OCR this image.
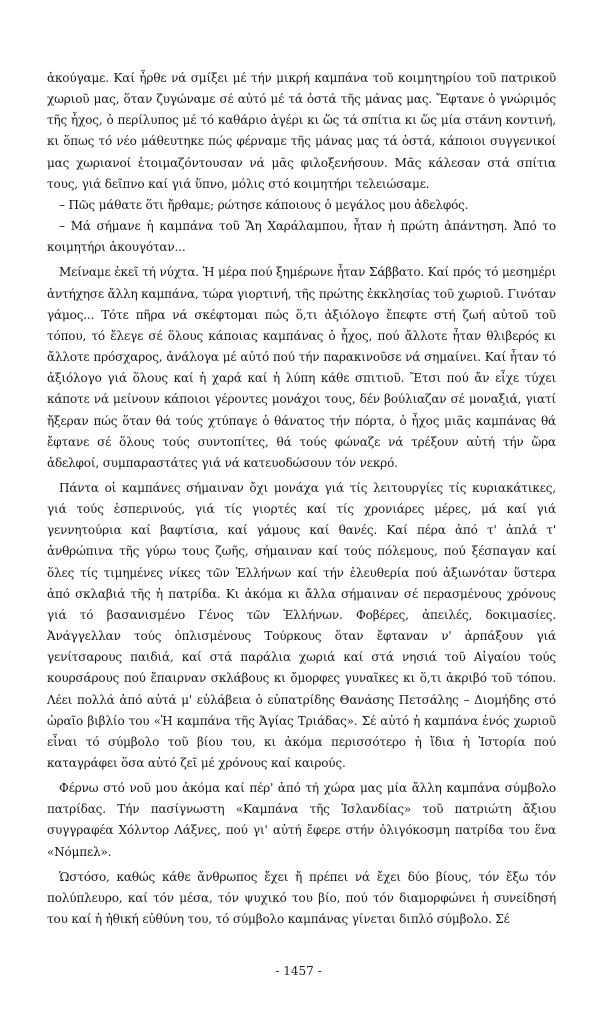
ἀκούγαμε. Καί ἦρθε νά σμίξει μέ τήν μικρή καμπάνα τοῦ κοιμητηρίου τοῦ πατρικοῦ χωριοῦ μας, ὅταν ζυγώναμε σέ αὐτό μέ τά ὀστά τῆς μάνας μας. Ἔφτανε ὁ γνώριμός τῆς ἦχος, ὁ περίλυπος μέ τό καθάριο ἀγέρι κι ὥς τά σπίτια κι ὥς μία στάνη κοντινή, κι ὅπως τό νέο μάθευτηκε πώς φέρναμε τῆς μάνας μας τά ὀστά, κάποιοι συγγενικοί μας χωριανοί ἑτοιμαζόντουσαν νά μᾶς φιλοξενήσουν. Μᾶς κάλεσαν στά σπίτια τους, γιά δεῖπνο καί γιά ὕπνο, μόλις στό κοιμητήρι τελειώσαμε.

– Πῶς μάθατε ὅτι ἤρθαμε; ρώτησε κάποιους ὁ μεγάλος μου ἀδελφός.

– Μά σήμανε ἡ καμπάνα τοῦ Ἅη Χαράλαμπου, ἦταν ἡ πρώτη ἀπάντηση. Ἀπό το κοιμητήρι ἀκουγόταν...

Μείναμε ἐκεῖ τή νύχτα. Ἡ μέρα πού ξημέρωνε ἦταν Σάββατο. Καί πρός τό μεσημέρι ἀντήχησε ἄλλη καμπάνα, τώρα γιορτινή, τῆς πρώτης ἐκκλησίας τοῦ χωριοῦ. Γινόταν γάμος... Τότε πῆρα νά σκέφτομαι πώς ὅ,τι ἀξιόλογο ἔπεφτε στή ζωή αὐτοῦ τοῦ τόπου, τό ἔλεγε σέ ὅλους κάποιας καμπάνας ὁ ἦχος, πού ἄλλοτε ἦταν θλιβερός κι ἄλλοτε πρόσχαρος, ἀνάλογα μέ αὐτό πού τήν παρακινοῦσε νά σημαίνει. Καί ἦταν τό ἀξιόλογο γιά ὅλους καί ἡ χαρά καί ἡ λύπη κάθε σπιτιοῦ. Ἔτσι πού ἄν εἶχε τύχει κάποτε νά μείνουν κάποιοι γέροντες μονάχοι τους, δέν βούλιαζαν σέ μοναξιά, γιατί ἤξεραν πώς ὅταν θά τούς χτύπαγε ὁ θάνατος τήν πόρτα, ὁ ἦχος μιᾶς καμπάνας θά ἔφτανε σέ ὅλους τούς συντοπίτες, θά τούς φώναζε νά τρέξουν αὐτή τήν ὥρα ἀδελφοί, συμπαραστάτες γιά νά κατευοδώσουν τόν νεκρό.

Πάντα οἱ καμπάνες σήμαιναν ὄχι μονάχα γιά τίς λειτουργίες τίς κυριακάτικες, γιά τούς ἑσπερινούς, γιά τίς γιορτές καί τίς χρονιάρες μέρες, μά καί γιά γεννητούρια καί βαφτίσια, καί γάμους καί θανές. Καί πέρα ἀπό τ' ἁπλά τ' ἀνθρώπινα τῆς γύρω τους ζωῆς, σήμαιναν καί τούς πόλεμους, πού ξέσπαγαν καί ὅλες τίς τιμημένες νίκες τῶν Ἑλλήνων καί τήν ἐλευθερία πού ἀξιωνόταν ὕστερα ἀπό σκλαβιά τῆς ἡ πατρίδα. Κι ἀκόμα κι ἄλλα σήμαιναν σέ περασμένους χρόνους γιά τό βασανισμένο Γένος τῶν Ἑλλήνων. Φοβέρες, ἀπειλές, δοκιμασίες. Ἀνάγγελλαν τούς ὁπλισμένους Τούρκους ὅταν ἔφταναν ν' ἁρπάξουν γιά γενίτσαρους παιδιά, καί στά παράλια χωριά καί στά νησιά τοῦ Αἰγαίου τούς κουρσάρους πού ἔπαιρναν σκλάβους κι ὄμορφες γυναῖκες κι ὅ,τι ἀκριβό τοῦ τόπου. Λέει πολλά ἀπό αὐτά μ' εὐλάβεια ὁ εὐπατρίδης Θανάσης Πετσάλης – Διομήδης στό ὡραῖο βιβλίο του «Ἡ καμπάνα τῆς Ἁγίας Τριάδας». Σέ αὐτό ἡ καμπάνα ἑνός χωριοῦ εἶναι τό σύμβολο τοῦ βίου του, κι ἀκόμα περισσότερο ἡ ἴδια ἡ Ἱστορία πού καταγράφει ὅσα αὐτό ζεῖ μέ χρόνους καί καιρούς.

Φέρνω στό νοῦ μου ἀκόμα καί πέρ' ἀπό τή χώρα μας μία ἄλλη καμπάνα σύμβολο πατρίδας. Τήν πασίγνωστη «Καμπάνα τῆς Ἰσλανδίας» τοῦ πατριώτη ἄξιου συγγραφέα Χόλντορ Λάξνες, πού γι' αὐτή ἔφερε στήν ὀλιγόκοσμη πατρίδα του ἕνα «Νόμπελ».

Ὡστόσο, καθώς κάθε ἄνθρωπος ἔχει ἤ πρέπει νά ἔχει δύο βίους, τόν ἔξω τόν πολύπλευρο, καί τόν μέσα, τόν ψυχικό του βίο, πού τόν διαμορφώνει ἡ συνείδησή του καί ἡ ἠθική εὐθύνη του, τό σύμβολο καμπάνας γίνεται διπλό σύμβολο. Σέ

- 1457 -
